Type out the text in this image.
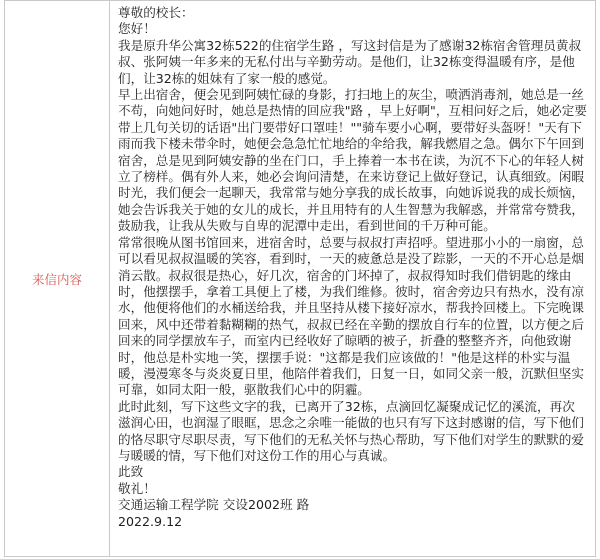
来信内容

尊敬的校长：

您好！

我是原升华公寓32栋522的住宿学生路 ，写这封信是为了感谢32栋宿舍管理员黄叔叔、张阿姨一年多来的无私付出与辛勤劳动。是他们，让32栋变得温暖有序，是他们，让32栋的姐妹有了家一般的感觉。

早上出宿舍，便会见到阿姨忙碌的身影，打扫地上的灰尘，喷洒消毒剂，她总是一丝不苟，向她问好时，她总是热情的回应我"路 ，早上好啊"，互相问好之后，她必定要带上几句关切的话语"出门要带好口罩哇！""骑车要小心啊，要带好头盔呀！"天有下雨而我下楼未带伞时，她便会急急忙忙地给的伞给我，解我燃眉之急。偶尔下午回到宿舍，总是见到阿姨安静的坐在门口，手上捧着一本书在读，为沉不下心的年轻人树立了榜样。偶有外人来，她必会询问清楚，在来访登记上做好登记，认真细致。闲暇时光，我们便会一起聊天，我常常与她分享我的成长故事，向她诉说我的成长烦恼，她会告诉我关于她的女儿的成长，并且用特有的人生智慧为我解惑，并常常夸赞我，鼓励我，让我从失败与自卑的泥潭中走出，看到世间的千万种可能。

常常很晚从图书馆回来，进宿舍时，总要与叔叔打声招呼。望进那小小的一扇窗，总可以看见叔叔温暖的笑容，看到时，一天的疲惫总是没了踪影，一天的不开心总是烟消云散。叔叔很是热心，好几次，宿舍的门坏掉了，叔叔得知时我们借钥匙的缘由时，他摆摆手，拿着工具便上了楼，为我们维修。彼时，宿舍旁边只有热水，没有凉水，他便将他们的水桶送给我，并且坚持从楼下接好凉水，帮我拎回楼上。下完晚课回来，风中还带着黏糊糊的热气，叔叔已经在辛勤的摆放自行车的位置，以方便之后回来的同学摆放车子，而室内已经收好了晾晒的被子，折叠的整整齐齐，向他致谢时，他总是朴实地一笑，摆摆手说："这都是我们应该做的！"他是这样的朴实与温暖，漫漫寒冬与炎炎夏日里，他陪伴着我们，日复一日，如同父亲一般，沉默但坚实可靠，如同太阳一般，驱散我们心中的阴霾。

此时此刻，写下这些文字的我，已离开了32栋，点滴回忆凝聚成记忆的溪流，再次滋润心田，也润湿了眼眶，思念之余唯一能做的也只有写下这封感谢的信，写下他们的恪尽职守尽职尽责，写下他们的无私关怀与热心帮助，写下他们对学生的默默的爱与暖暖的情，写下他们对这份工作的用心与真诚。

此致

敬礼！

交通运输工程学院 交设2002班 路

2022.9.12
